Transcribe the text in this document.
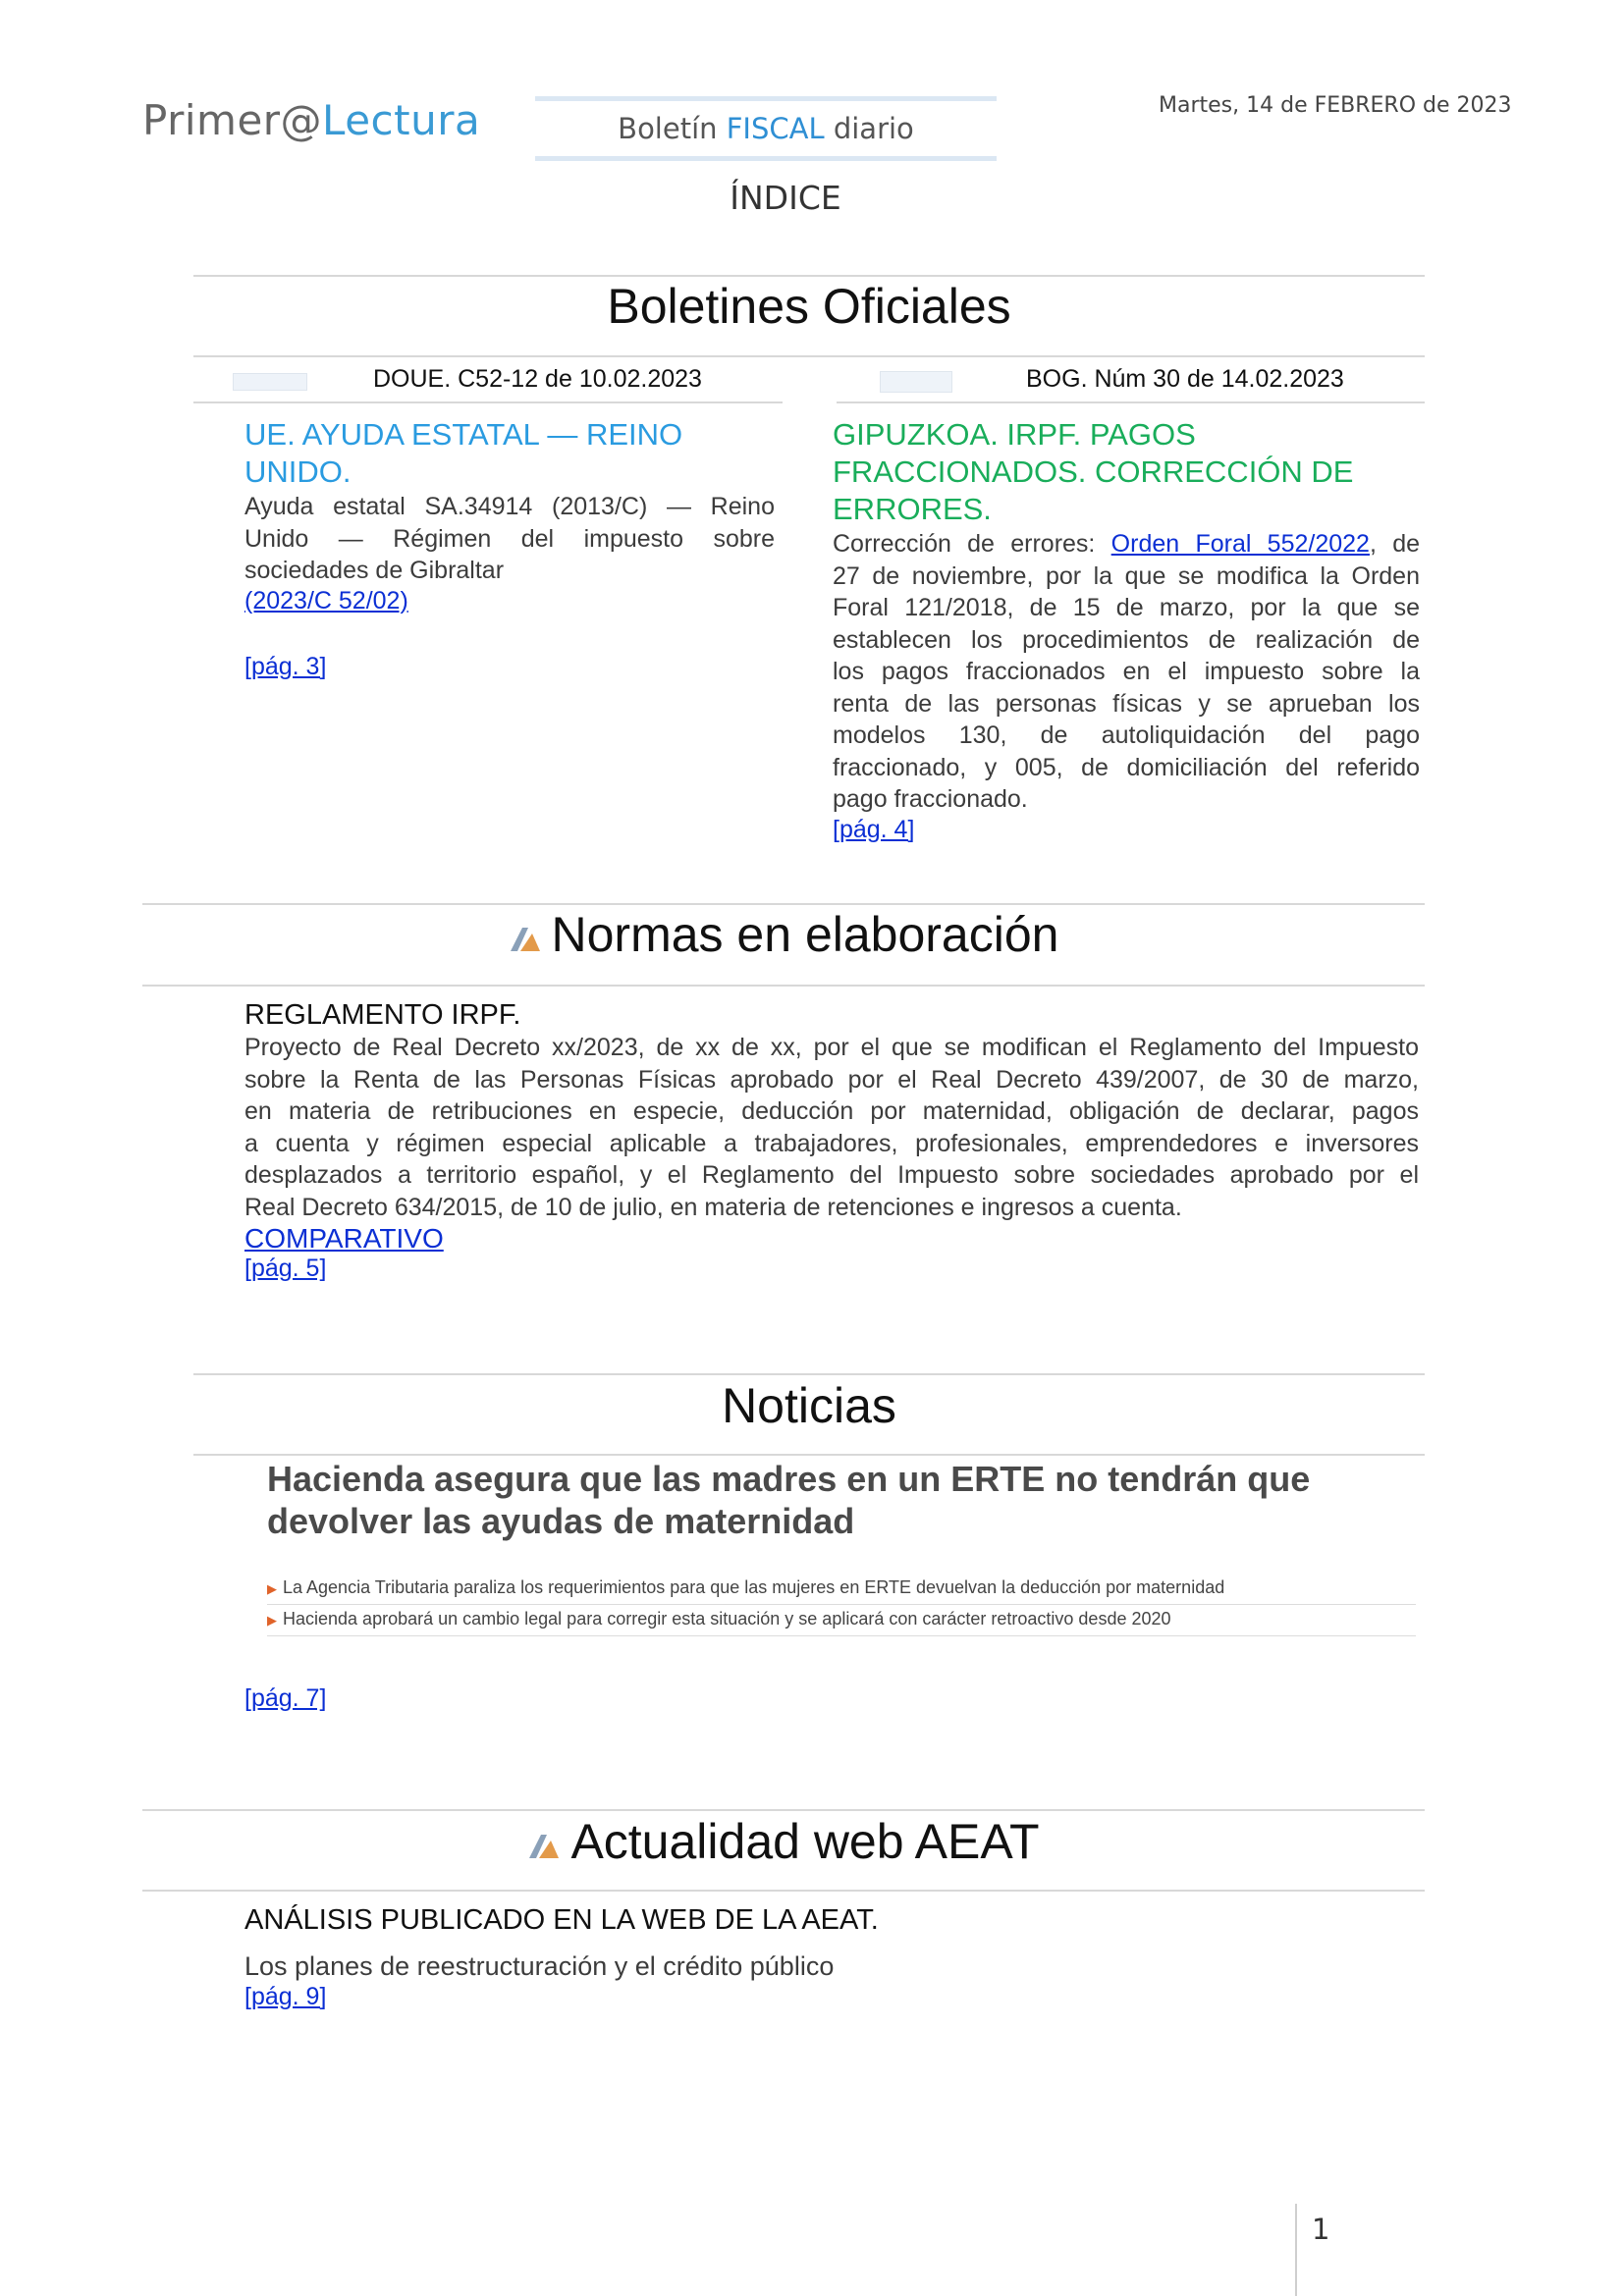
Primer@Lectura	Boletín FISCAL diario
Martes, 14 de FEBRERO de 2023
ÍNDICE
Boletines Oficiales
DOUE. C52-12 de 10.02.2023	BOG. Núm 30 de 14.02.2023
UE. AYUDA ESTATAL — REINO
UNIDO.
Ayuda estatal SA.34914 (2013/C) — Reino
Unido — Régimen del impuesto sobre
sociedades de Gibraltar
(2023/C 52/02)
[pág. 3]
GIPUZKOA. IRPF. PAGOS
FRACCIONADOS. CORRECCIÓN DE
ERRORES.
Corrección de errores: Orden Foral 552/2022, de
27 de noviembre, por la que se modifica la Orden
Foral 121/2018, de 15 de marzo, por la que se
establecen los procedimientos de realización de
los pagos fraccionados en el impuesto sobre la
renta de las personas físicas y se aprueban los
modelos 130, de autoliquidación del pago
fraccionado, y 005, de domiciliación del referido
pago fraccionado.
[pág. 4]
Normas en elaboración
REGLAMENTO IRPF.
Proyecto de Real Decreto xx/2023, de xx de xx, por el que se modifican el Reglamento del Impuesto
sobre la Renta de las Personas Físicas aprobado por el Real Decreto 439/2007, de 30 de marzo,
en materia de retribuciones en especie, deducción por maternidad, obligación de declarar, pagos
a cuenta y régimen especial aplicable a trabajadores, profesionales, emprendedores e inversores
desplazados a territorio español, y el Reglamento del Impuesto sobre sociedades aprobado por el
Real Decreto 634/2015, de 10 de julio, en materia de retenciones e ingresos a cuenta.
COMPARATIVO
[pág. 5]
Noticias
Hacienda asegura que las madres en un ERTE no tendrán que
devolver las ayudas de maternidad
▶ La Agencia Tributaria paraliza los requerimientos para que las mujeres en ERTE devuelvan la deducción por maternidad
▶ Hacienda aprobará un cambio legal para corregir esta situación y se aplicará con carácter retroactivo desde 2020
[pág. 7]
Actualidad web AEAT
ANÁLISIS PUBLICADO EN LA WEB DE LA AEAT.
Los planes de reestructuración y el crédito público
[pág. 9]
1
